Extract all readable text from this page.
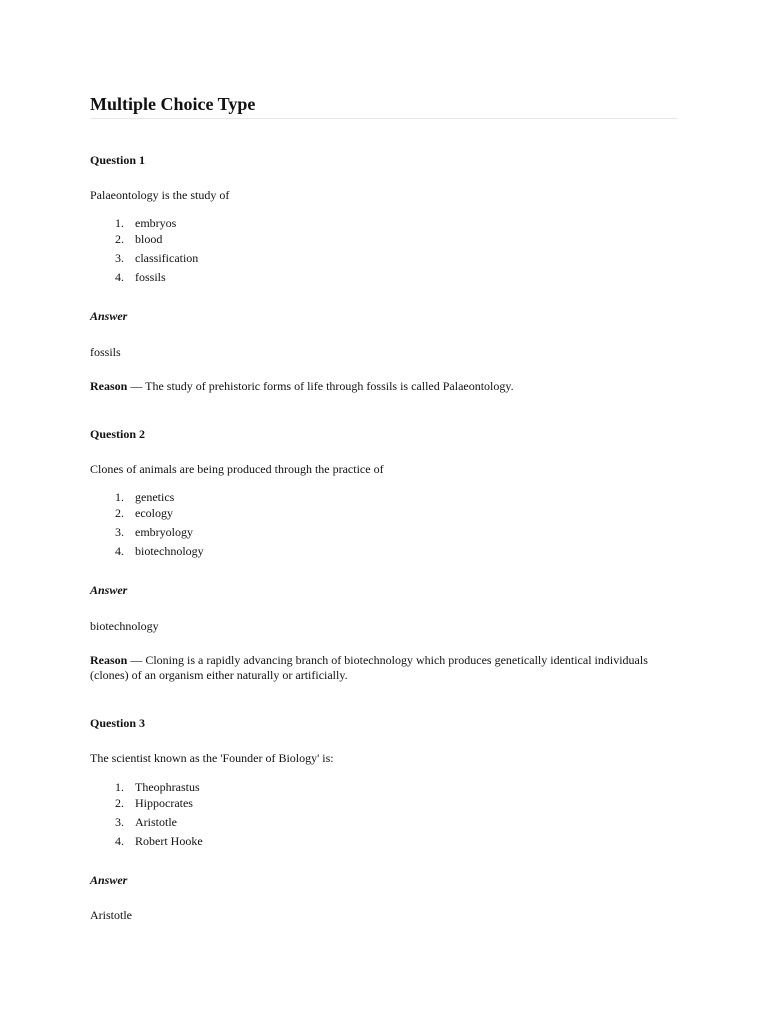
Multiple Choice Type
Question 1
Palaeontology is the study of
1. embryos
2. blood
3. classification
4. fossils
Answer
fossils
Reason — The study of prehistoric forms of life through fossils is called Palaeontology.
Question 2
Clones of animals are being produced through the practice of
1. genetics
2. ecology
3. embryology
4. biotechnology
Answer
biotechnology
Reason — Cloning is a rapidly advancing branch of biotechnology which produces genetically identical individuals (clones) of an organism either naturally or artificially.
Question 3
The scientist known as the 'Founder of Biology' is:
1. Theophrastus
2. Hippocrates
3. Aristotle
4. Robert Hooke
Answer
Aristotle
